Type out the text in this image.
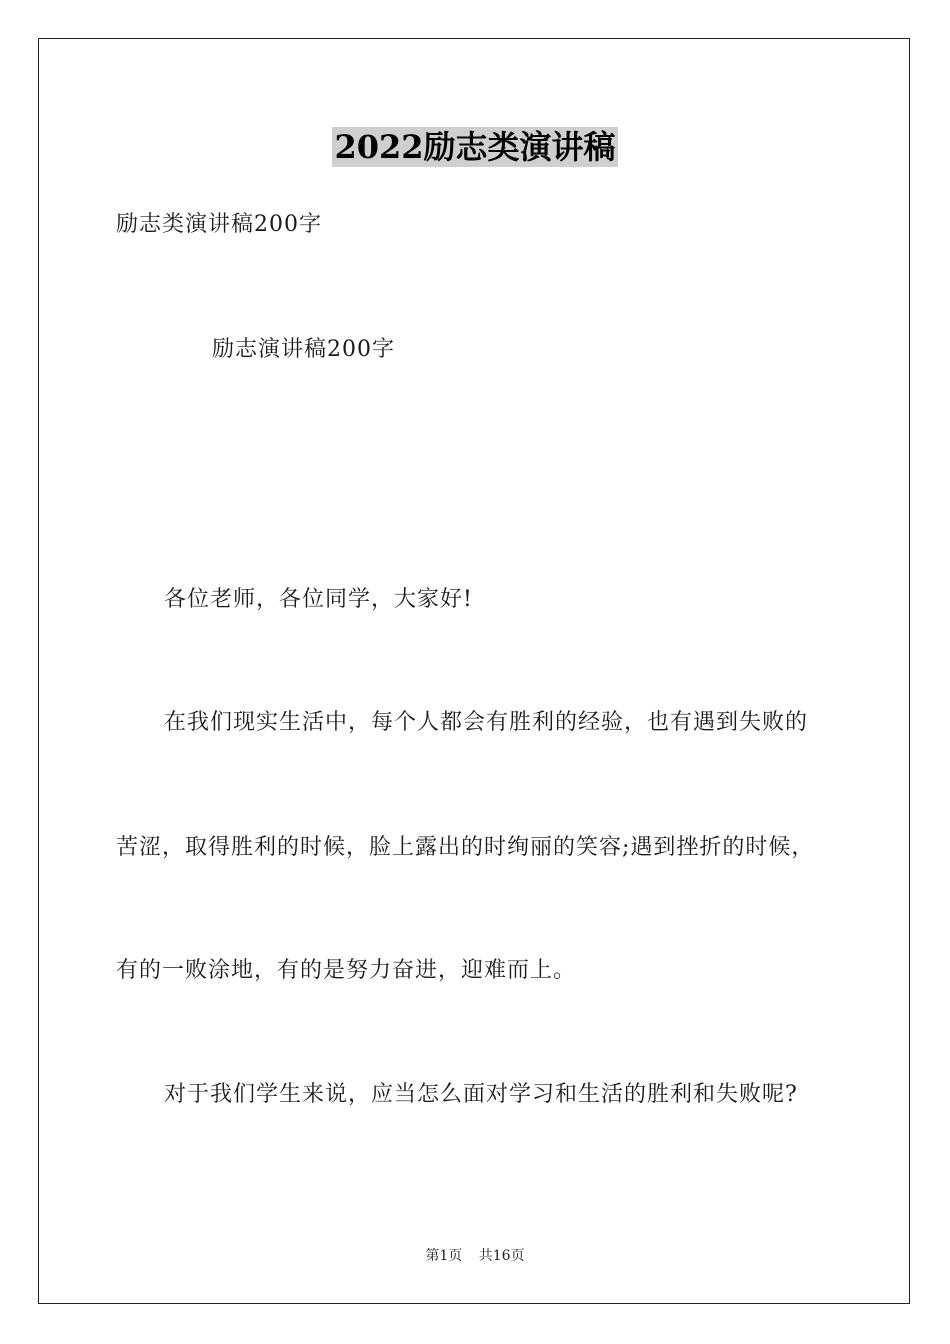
2022励志类演讲稿
励志类演讲稿200字
励志演讲稿200字
各位老师，各位同学，大家好!
在我们现实生活中，每个人都会有胜利的经验，也有遇到失败的
苦涩，取得胜利的时候，脸上露出的时绚丽的笑容;遇到挫折的时候，
有的一败涂地，有的是努力奋进，迎难而上。
对于我们学生来说，应当怎么面对学习和生活的胜利和失败呢?
第1页 共16页
